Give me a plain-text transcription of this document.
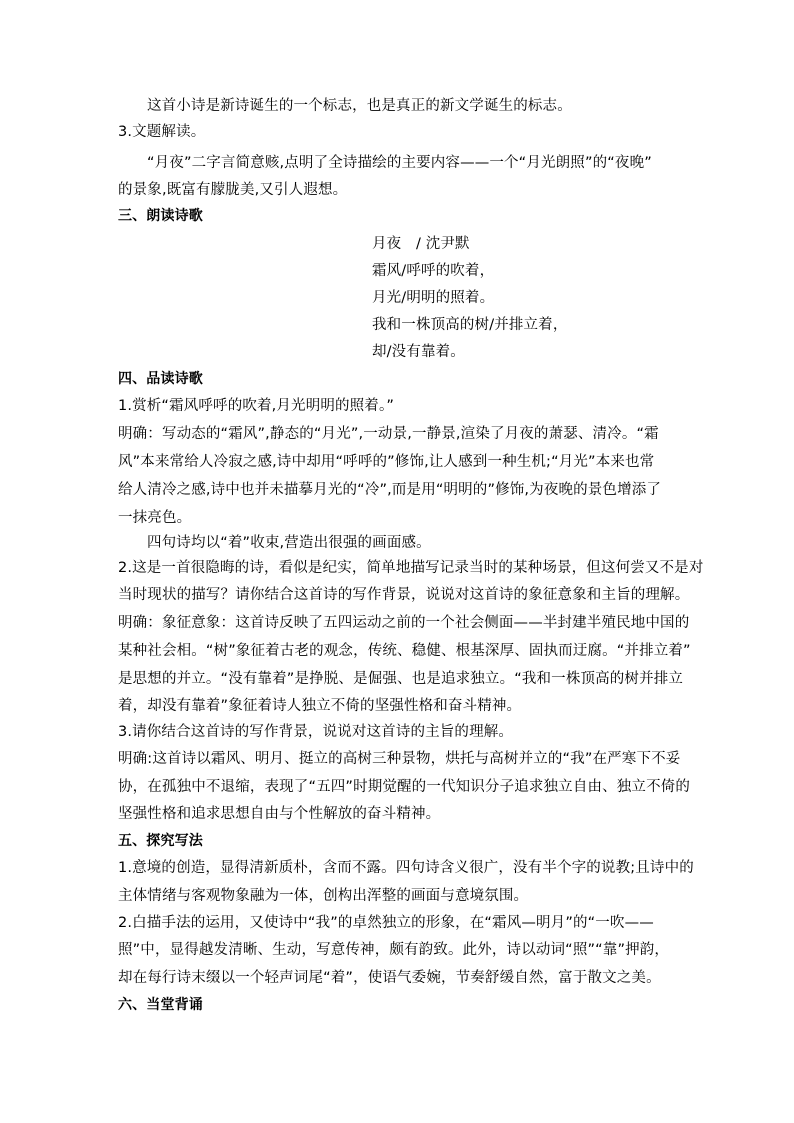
这首小诗是新诗诞生的一个标志，也是真正的新文学诞生的标志。
3.文题解读。
“月夜”二字言简意赅,点明了全诗描绘的主要内容——一个“月光朗照”的“夜晚”
的景象,既富有朦胧美,又引人遐想。
三、朗读诗歌
月夜　/ 沈尹默
霜风/呼呼的吹着，
月光/明明的照着。
我和一株顶高的树/并排立着，
却/没有靠着。
四、品读诗歌
1.赏析“霜风呼呼的吹着,月光明明的照着。”
明确：写动态的“霜风”,静态的“月光”,一动景,一静景,渲染了月夜的萧瑟、清冷。“霜
风”本来常给人冷寂之感,诗中却用“呼呼的”修饰,让人感到一种生机;“月光”本来也常
给人清冷之感,诗中也并未描摹月光的“冷”,而是用“明明的”修饰,为夜晚的景色增添了
一抹亮色。
四句诗均以“着”收束,营造出很强的画面感。
2.这是一首很隐晦的诗，看似是纪实，简单地描写记录当时的某种场景，但这何尝又不是对
当时现状的描写？请你结合这首诗的写作背景，说说对这首诗的象征意象和主旨的理解。
明确：象征意象：这首诗反映了五四运动之前的一个社会侧面——半封建半殖民地中国的
某种社会相。“树”象征着古老的观念，传统、稳健、根基深厚、固执而迂腐。“并排立着”
是思想的并立。“没有靠着”是挣脱、是倔强、也是追求独立。“我和一株顶高的树并排立
着，却没有靠着”象征着诗人独立不倚的坚强性格和奋斗精神。
3.请你结合这首诗的写作背景，说说对这首诗的主旨的理解。
明确:这首诗以霜风、明月、挺立的高树三种景物，烘托与高树并立的“我”在严寒下不妥
协，在孤独中不退缩，表现了“五四”时期觉醒的一代知识分子追求独立自由、独立不倚的
坚强性格和追求思想自由与个性解放的奋斗精神。
五、探究写法
1.意境的创造，显得清新质朴，含而不露。四句诗含义很广，没有半个字的说教;且诗中的
主体情绪与客观物象融为一体，创构出浑整的画面与意境氛围。
2.白描手法的运用，又使诗中“我”的卓然独立的形象，在“霜风—明月”的“一吹——
照”中，显得越发清晰、生动，写意传神，颇有韵致。此外，诗以动词“照”“靠”押韵，
却在每行诗末缀以一个轻声词尾“着”，使语气委婉，节奏舒缓自然，富于散文之美。
六、当堂背诵
